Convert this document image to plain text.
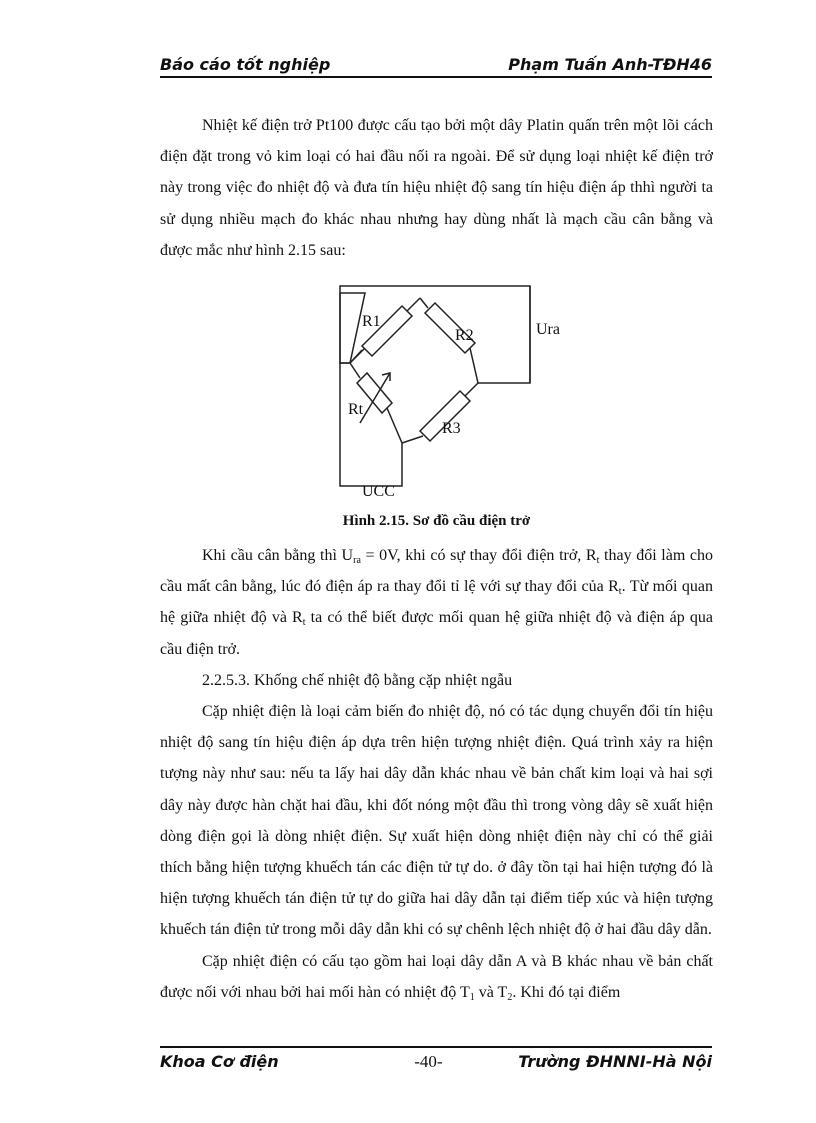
Báo cáo tốt nghiệp	Phạm Tuấn Anh-TĐH46

Nhiệt kế điện trở Pt100 được cấu tạo bởi một dây Platin quấn trên một lõi cách điện đặt trong vỏ kim loại có hai đầu nối ra ngoài. Để sử dụng loại nhiệt kế điện trở này trong việc đo nhiệt độ và đưa tín hiệu nhiệt độ sang tín hiệu điện áp thhì người ta sử dụng nhiều mạch đo khác nhau nhưng hay dùng nhất là mạch cầu cân bằng và được mắc như hình 2.15 sau:

R1
R2
R3
Rt
Ura
UCC
Hình 2.15. Sơ đồ cầu điện trở

Khi cầu cân bằng thì $U_{ra} = 0V$, khi có sự thay đổi điện trở, $R_t$ thay đổi làm cho cầu mất cân bằng, lúc đó điện áp ra thay đổi tỉ lệ với sự thay đổi của $R_t$. Từ mối quan hệ giữa nhiệt độ và $R_t$ ta có thể biết được mối quan hệ giữa nhiệt độ và điện áp qua cầu điện trở.

2.2.5.3. Khống chế nhiệt độ bằng cặp nhiệt ngẫu

Cặp nhiệt điện là loại cảm biến đo nhiệt độ, nó có tác dụng chuyển đổi tín hiệu nhiệt độ sang tín hiệu điện áp dựa trên hiện tượng nhiệt điện. Quá trình xảy ra hiện tượng này như sau: nếu ta lấy hai dây dẫn khác nhau về bản chất kim loại và hai sợi dây này được hàn chặt hai đầu, khi đốt nóng một đầu thì trong vòng dây sẽ xuất hiện dòng điện gọi là dòng nhiệt điện. Sự xuất hiện dòng nhiệt điện này chỉ có thể giải thích bằng hiện tượng khuếch tán các điện tử tự do. ở đây tồn tại hai hiện tượng đó là hiện tượng khuếch tán điện tử tự do giữa hai dây dẫn tại điểm tiếp xúc và hiện tượng khuếch tán điện tử trong mỗi dây dẫn khi có sự chênh lệch nhiệt độ ở hai đầu dây dẫn.

Cặp nhiệt điện có cấu tạo gồm hai loại dây dẫn A và B khác nhau về bản chất được nối với nhau bởi hai mối hàn có nhiệt độ $T_1$ và $T_2$. Khi đó tại điểm

Khoa Cơ điện	-40-	Trường ĐHNNI-Hà Nội
